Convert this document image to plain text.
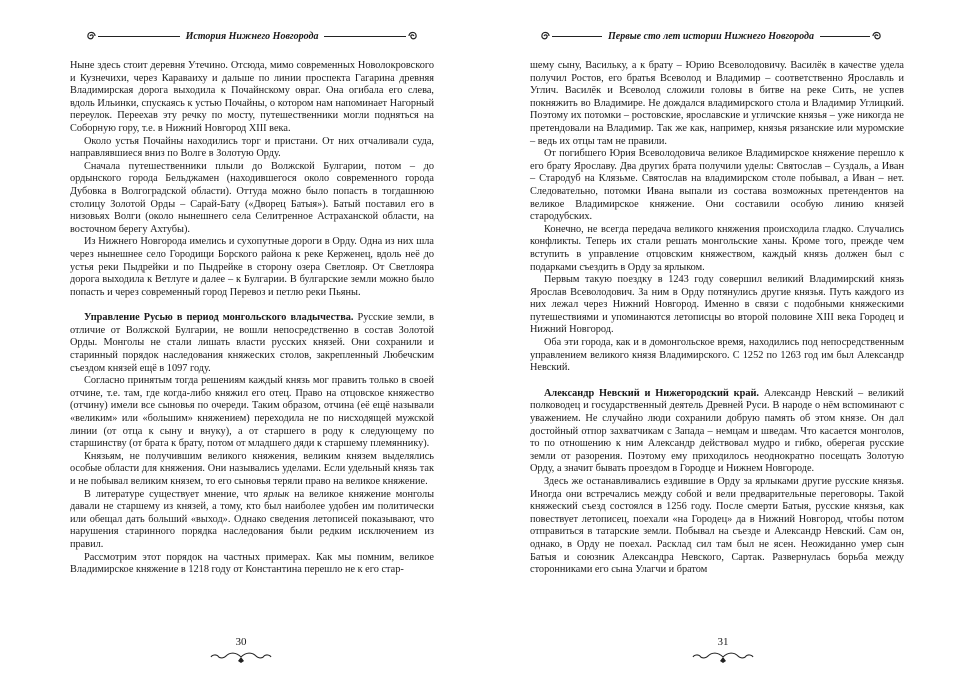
История Нижнего Новгорода

Ныне здесь стоит деревня Утечино. Отсюда, мимо современных Новолокровского и Кузнечихи, через Караваиху и дальше по линии проспекта Гагарина древняя Владимирская дорога выходила к Почайнскому овраг. Она огибала его слева, вдоль Ильинки, спускаясь к устью Почайны, о котором нам напоминает Нагорный переулок. Переехав эту речку по мосту, путешественники могли подняться на Соборную гору, т.е. в Нижний Новгород XIII века.

Около устья Почайны находились торг и пристани. От них отчаливали суда, направлявшиеся вниз по Волге в Золотую Орду.

Сначала путешественники плыли до Волжской Булгарии, потом – до ордынского города Бельджамен (находившегося около современного города Дубовка в Волгоградской области). Оттуда можно было попасть в тогдашнюю столицу Золотой Орды – Сарай-Бату («Дворец Батыя»). Батый поставил его в низовьях Волги (около нынешнего села Селитренное Астраханской области, на восточном берегу Ахтубы).

Из Нижнего Новгорода имелись и сухопутные дороги в Орду. Одна из них шла через нынешнее село Городищи Борского района к реке Керженец, вдоль неё до устья реки Пыдрейки и по Пыдрейке в сторону озера Светлояр. От Светлояра дорога выходила к Ветлуге и далее – к Булгарии. В булгарские земли можно было попасть и через современный город Перевоз и петлю реки Пьяны.

Управление Русью в период монгольского владычества. Русские земли, в отличие от Волжской Булгарии, не вошли непосредственно в состав Золотой Орды. Монголы не стали лишать власти русских князей. Они сохранили и старинный порядок наследования княжеских столов, закрепленный Любечским съездом князей ещё в 1097 году.

Согласно принятым тогда решениям каждый князь мог править только в своей отчине, т.е. там, где когда-либо княжил его отец. Право на отцовское княжество (отчину) имели все сыновья по очереди. Таким образом, отчина (её ещё называли «великим» или «большим» княжением) переходила не по нисходящей мужской линии (от отца к сыну и внуку), а от старшего в роду к следующему по старшинству (от брата к брату, потом от младшего дяди к старшему племяннику).

Князьям, не получившим великого княжения, великим князем выделялись особые области для княжения. Они назывались уделами. Если удельный князь так и не побывал великим князем, то его сыновья теряли право на великое княжение.

В литературе существует мнение, что ярлык на великое княжение монголы давали не старшему из князей, а тому, кто был наиболее удобен им политически или обещал дать больший «выход». Однако сведения летописей показывают, что нарушения старинного порядка наследования были редким исключением из правил.

Рассмотрим этот порядок на частных примерах. Как мы помним, великое Владимирское княжение в 1218 году от Константина перешло не к его стар-

30
Первые сто лет истории Нижнего Новгорода

шему сыну, Васильку, а к брату – Юрию Всеволодовичу. Василёк в качестве удела получил Ростов, его братья Всеволод и Владимир – соответственно Ярославль и Углич. Василёк и Всеволод сложили головы в битве на реке Сить, не успев покняжить во Владимире. Не дождался владимирского стола и Владимир Углицкий. Поэтому их потомки – ростовские, ярославские и угличские князья – уже никогда не претендовали на Владимир. Так же как, например, князья рязанские или муромские – ведь их отцы там не правили.

От погибшего Юрия Всеволодовича великое Владимирское княжение перешло к его брату Ярославу. Два других брата получили уделы: Святослав – Суздаль, а Иван – Стародуб на Клязьме. Святослав на владимирском столе побывал, а Иван – нет. Следовательно, потомки Ивана выпали из состава возможных претендентов на великое Владимирское княжение. Они составили особую линию князей стародубских.

Конечно, не всегда передача великого княжения происходила гладко. Случались конфликты. Теперь их стали решать монгольские ханы. Кроме того, прежде чем вступить в управление отцовским княжеством, каждый князь должен был с подарками съездить в Орду за ярлыком.

Первым такую поездку в 1243 году совершил великий Владимирский князь Ярослав Всеволодович. За ним в Орду потянулись другие князья. Путь каждого из них лежал через Нижний Новгород. Именно в связи с подобными княжескими путешествиями и упоминаются летописцы во второй половине XIII века Городец и Нижний Новгород.

Оба эти города, как и в домонгольское время, находились под непосредственным управлением великого князя Владимирского. С 1252 по 1263 год им был Александр Невский.

Александр Невский и Нижегородский край. Александр Невский – великий полководец и государственный деятель Древней Руси. В народе о нём вспоминают с уважением. Не случайно люди сохранили добрую память об этом князе. Он дал достойный отпор захватчикам с Запада – немцам и шведам. Что касается монголов, то по отношению к ним Александр действовал мудро и гибко, оберегая русские земли от разорения. Поэтому ему приходилось неоднократно посещать Золотую Орду, а значит бывать проездом в Городце и Нижнем Новгороде.

Здесь же останавливались ездившие в Орду за ярлыками другие русские князья. Иногда они встречались между собой и вели предварительные переговоры. Такой княжеский съезд состоялся в 1256 году. После смерти Батыя, русские князья, как повествует летописец, поехали «на Городец» да в Нижний Новгород, чтобы потом отправиться в татарские земли. Побывал на съезде и Александр Невский. Сам он, однако, в Орду не поехал. Расклад сил там был не ясен. Неожиданно умер сын Батыя и союзник Александра Невского, Сартак. Развернулась борьба между сторонниками его сына Улагчи и братом

31
